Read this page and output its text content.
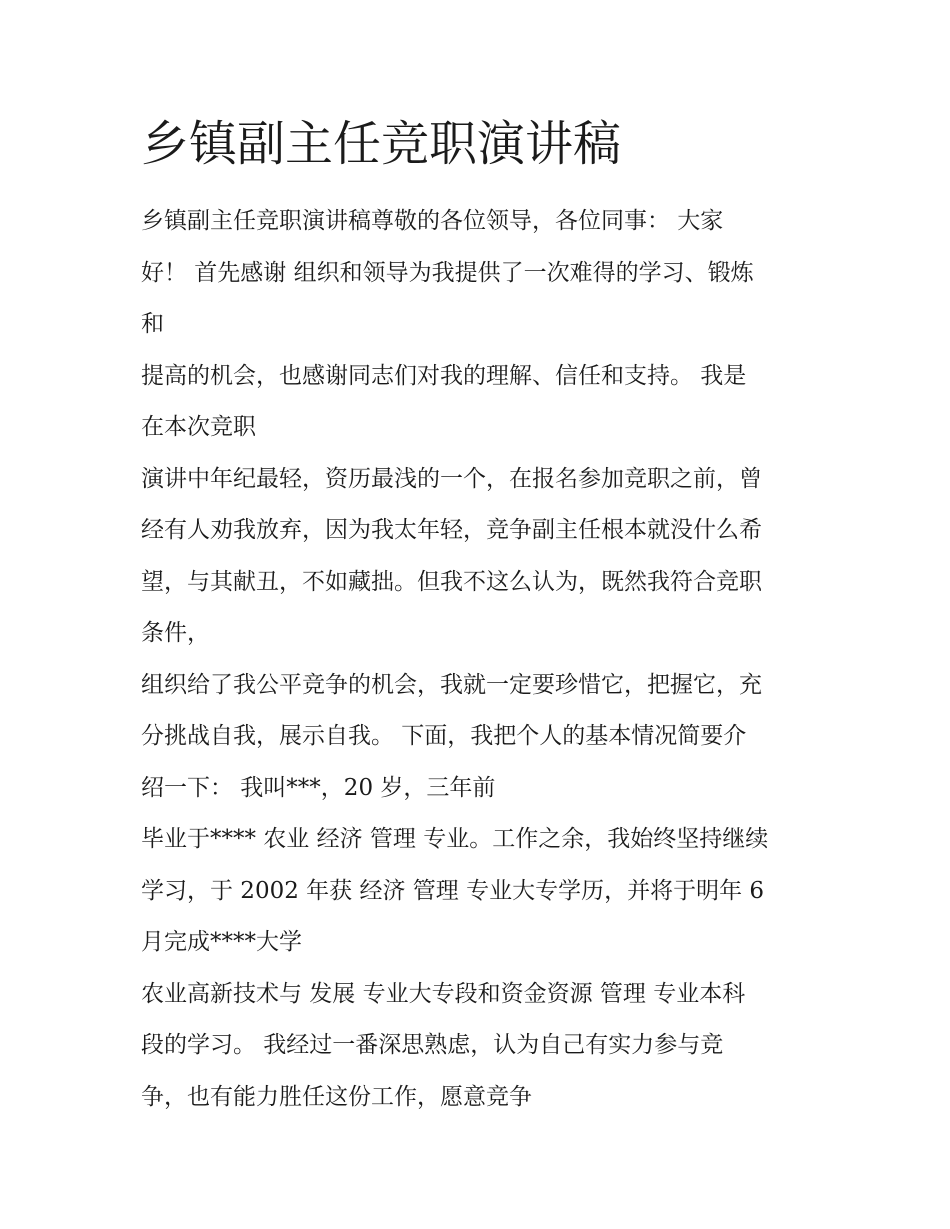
乡镇副主任竞职演讲稿
乡镇副主任竞职演讲稿尊敬的各位领导，各位同事： 大家
好！ 首先感谢 组织和领导为我提供了一次难得的学习、锻炼
和
提高的机会，也感谢同志们对我的理解、信任和支持。 我是
在本次竞职
演讲中年纪最轻，资历最浅的一个，在报名参加竞职之前，曾
经有人劝我放弃，因为我太年轻，竞争副主任根本就没什么希
望，与其献丑，不如藏拙。但我不这么认为，既然我符合竞职
条件，
组织给了我公平竞争的机会，我就一定要珍惜它，把握它，充
分挑战自我，展示自我。 下面，我把个人的基本情况简要介
绍一下： 我叫***，20 岁，三年前
毕业于**** 农业 经济 管理 专业。工作之余，我始终坚持继续
学习，于 2002 年获 经济 管理 专业大专学历，并将于明年 6
月完成****大学
农业高新技术与 发展 专业大专段和资金资源 管理 专业本科
段的学习。 我经过一番深思熟虑，认为自己有实力参与竞
争，也有能力胜任这份工作，愿意竞争
